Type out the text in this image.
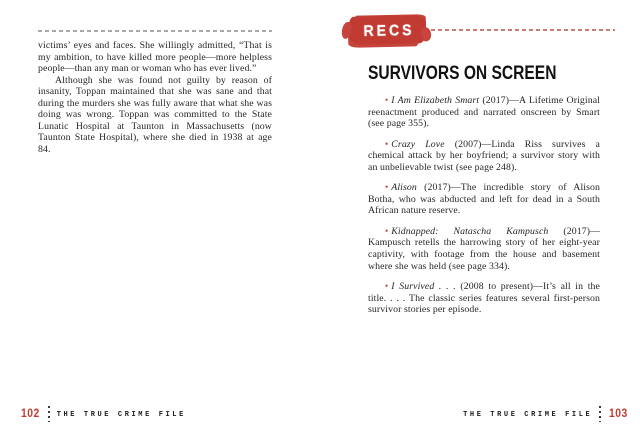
victims’ eyes and faces. She willingly admitted, “That is my ambition, to have killed more people—more helpless people—than any man or woman who has ever lived.”

Although she was found not guilty by reason of insanity, Toppan maintained that she was sane and that during the murders she was fully aware that what she was doing was wrong. Toppan was committed to the State Lunatic Hospital at Taunton in Massachusetts (now Taunton State Hospital), where she died in 1938 at age 84.

102 THE TRUE CRIME FILE
RECS
SURVIVORS ON SCREEN

• I Am Elizabeth Smart (2017)—A Lifetime Original reenactment produced and narrated onscreen by Smart (see page 355).

• Crazy Love (2007)—Linda Riss survives a chemical attack by her boyfriend; a survivor story with an unbelievable twist (see page 248).

• Alison (2017)—The incredible story of Alison Botha, who was abducted and left for dead in a South African nature reserve.

• Kidnapped: Natascha Kampusch (2017)—Kampusch retells the harrowing story of her eight-year captivity, with footage from the house and basement where she was held (see page 334).

• I Survived . . . (2008 to present)—It’s all in the title. . . . The classic series features several first-person survivor stories per episode.

THE TRUE CRIME FILE 103
